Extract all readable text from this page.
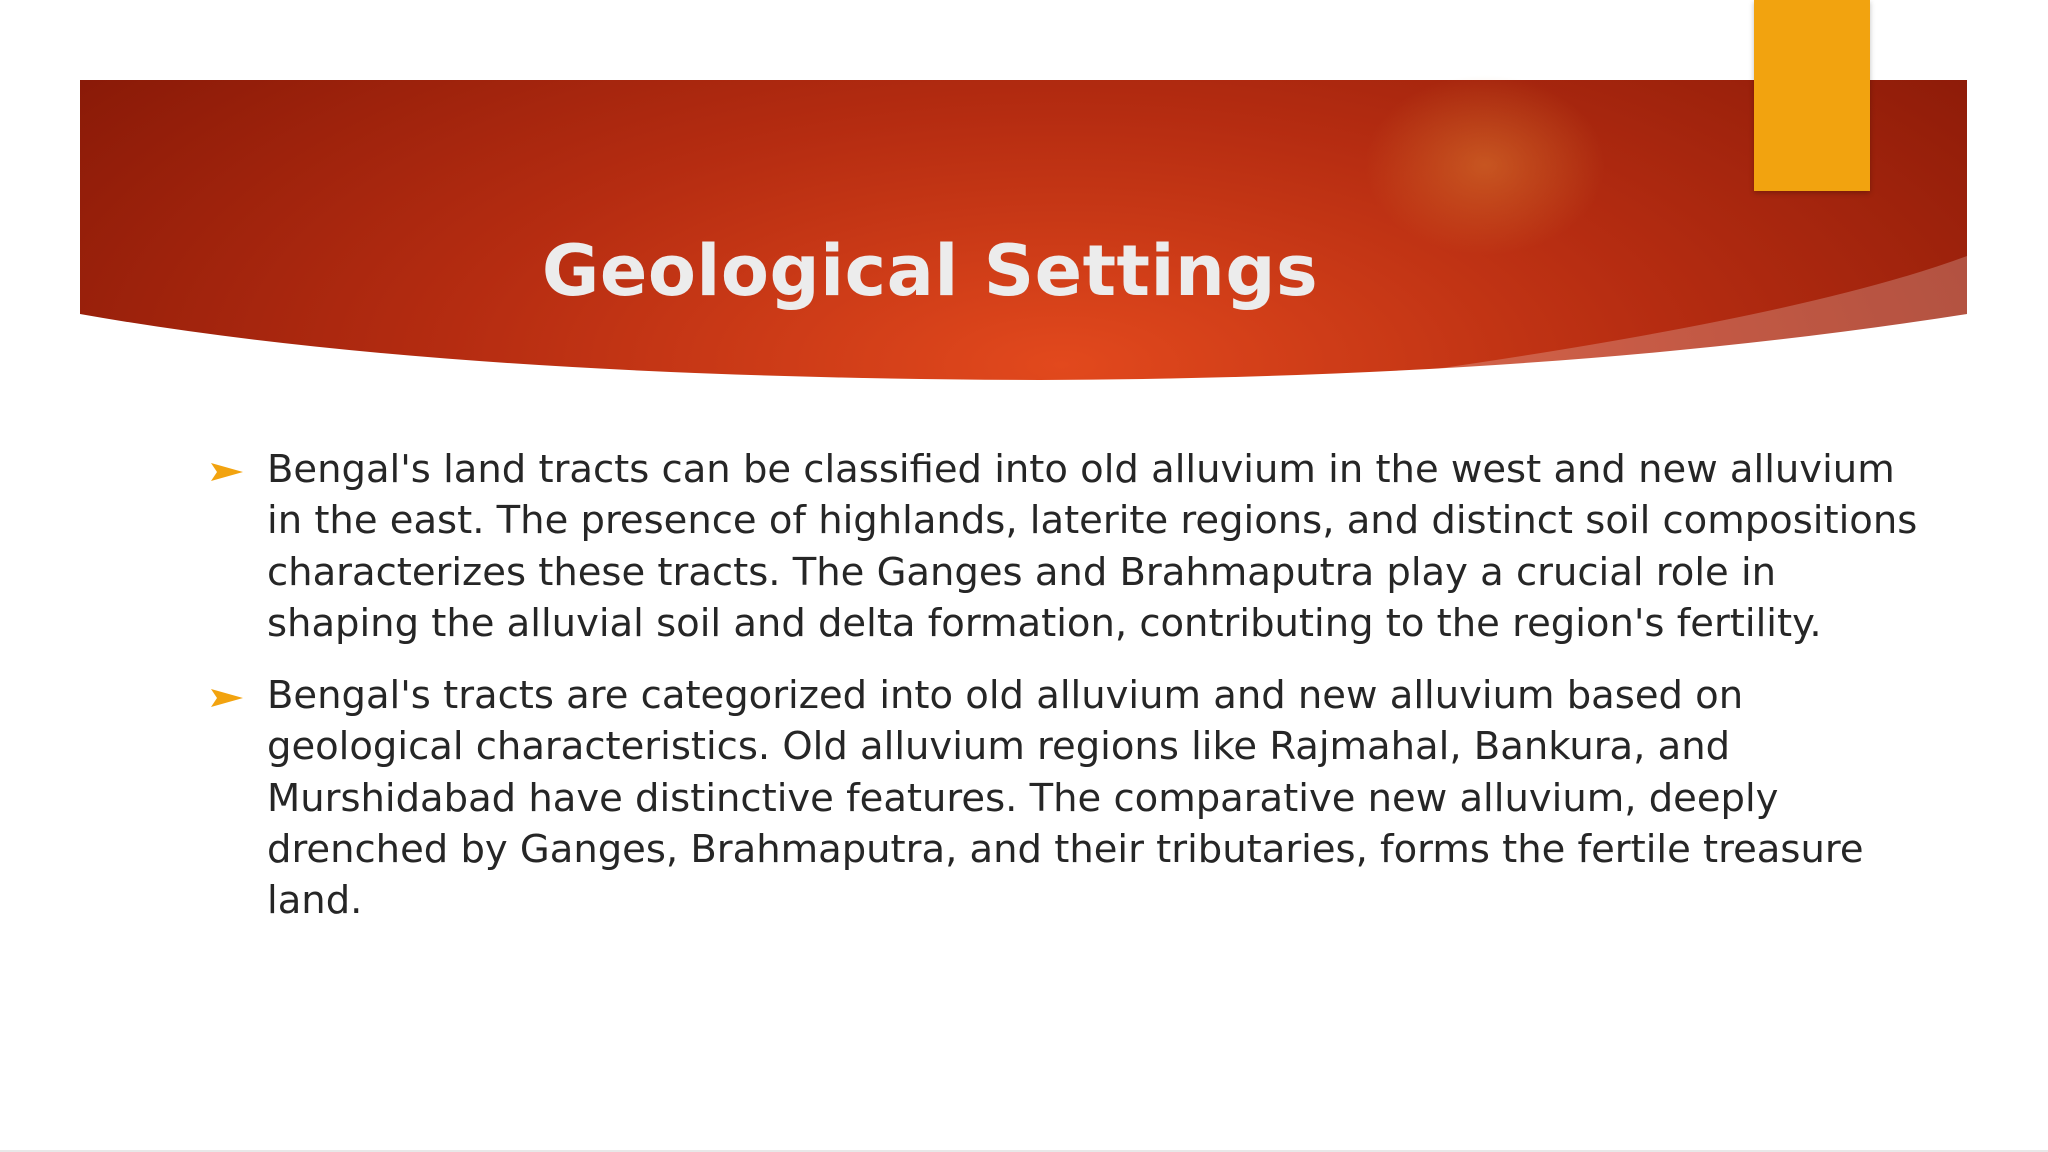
Geological Settings
Bengal's land tracts can be classified into old alluvium in the west and new alluvium in the east. The presence of highlands, laterite regions, and distinct soil compositions characterizes these tracts. The Ganges and Brahmaputra play a crucial role in shaping the alluvial soil and delta formation, contributing to the region's fertility.
Bengal's tracts are categorized into old alluvium and new alluvium based on geological characteristics. Old alluvium regions like Rajmahal, Bankura, and Murshidabad have distinctive features. The comparative new alluvium, deeply drenched by Ganges, Brahmaputra, and their tributaries, forms the fertile treasure land.
